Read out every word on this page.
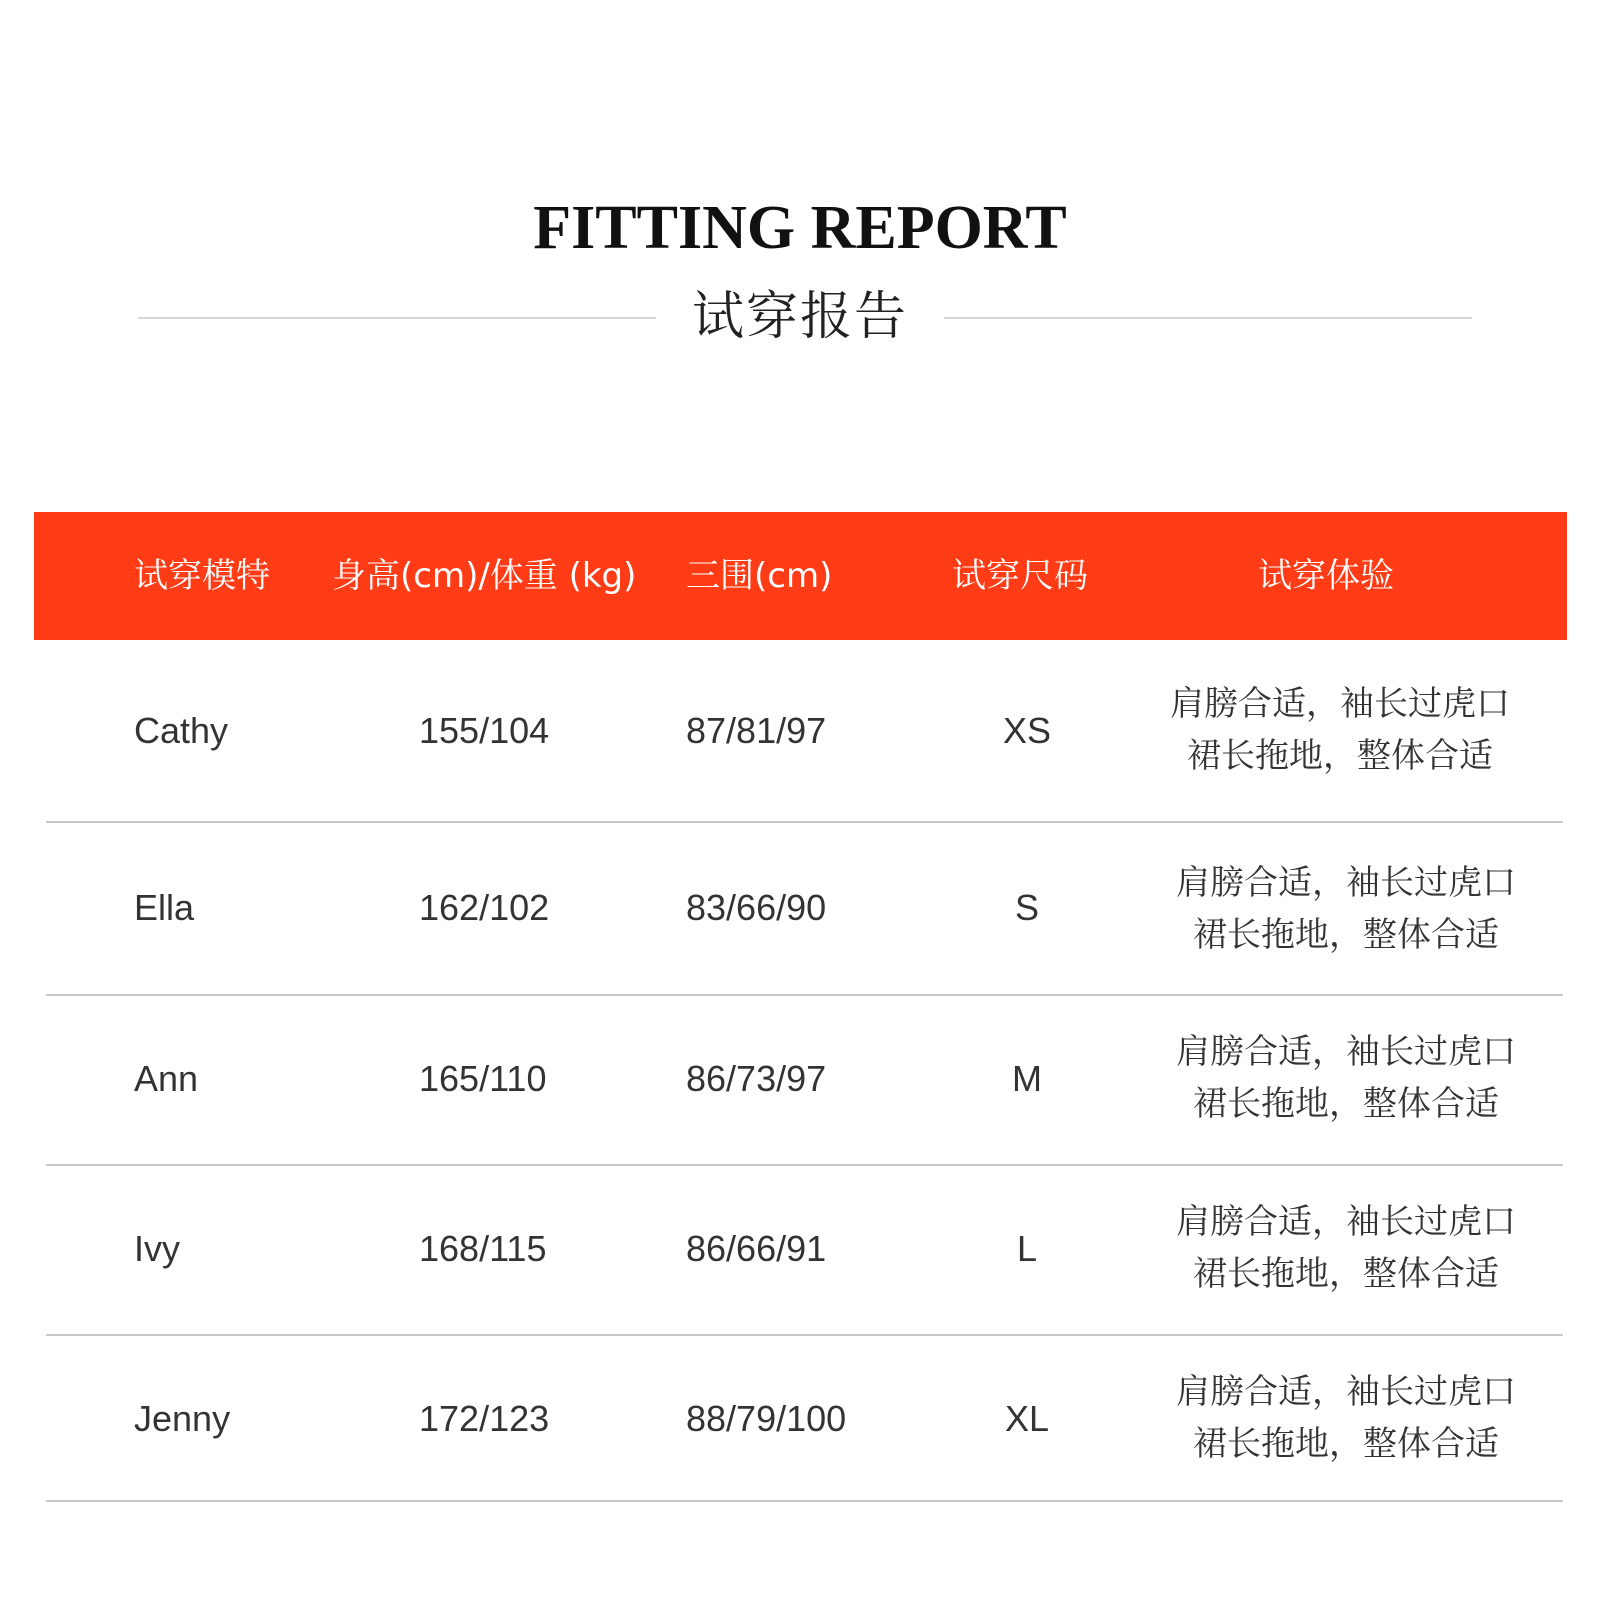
FITTING REPORT
试穿报告
试穿模特 身高(cm)/体重 (kg) 三围(cm)	试穿尺码	试穿体验
Cathy	155/104	87/81/97	XS
肩膀合适，袖长过虎口
裙长拖地，整体合适
Ella	162/102	83/66/90	S
肩膀合适，袖长过虎口
裙长拖地，整体合适
Ann	165/110	86/73/97	M
肩膀合适，袖长过虎口
裙长拖地，整体合适
Ivy	168/115	86/66/91	L
肩膀合适，袖长过虎口
裙长拖地，整体合适
Jenny	172/123	88/79/100	XL
肩膀合适，袖长过虎口
裙长拖地，整体合适
